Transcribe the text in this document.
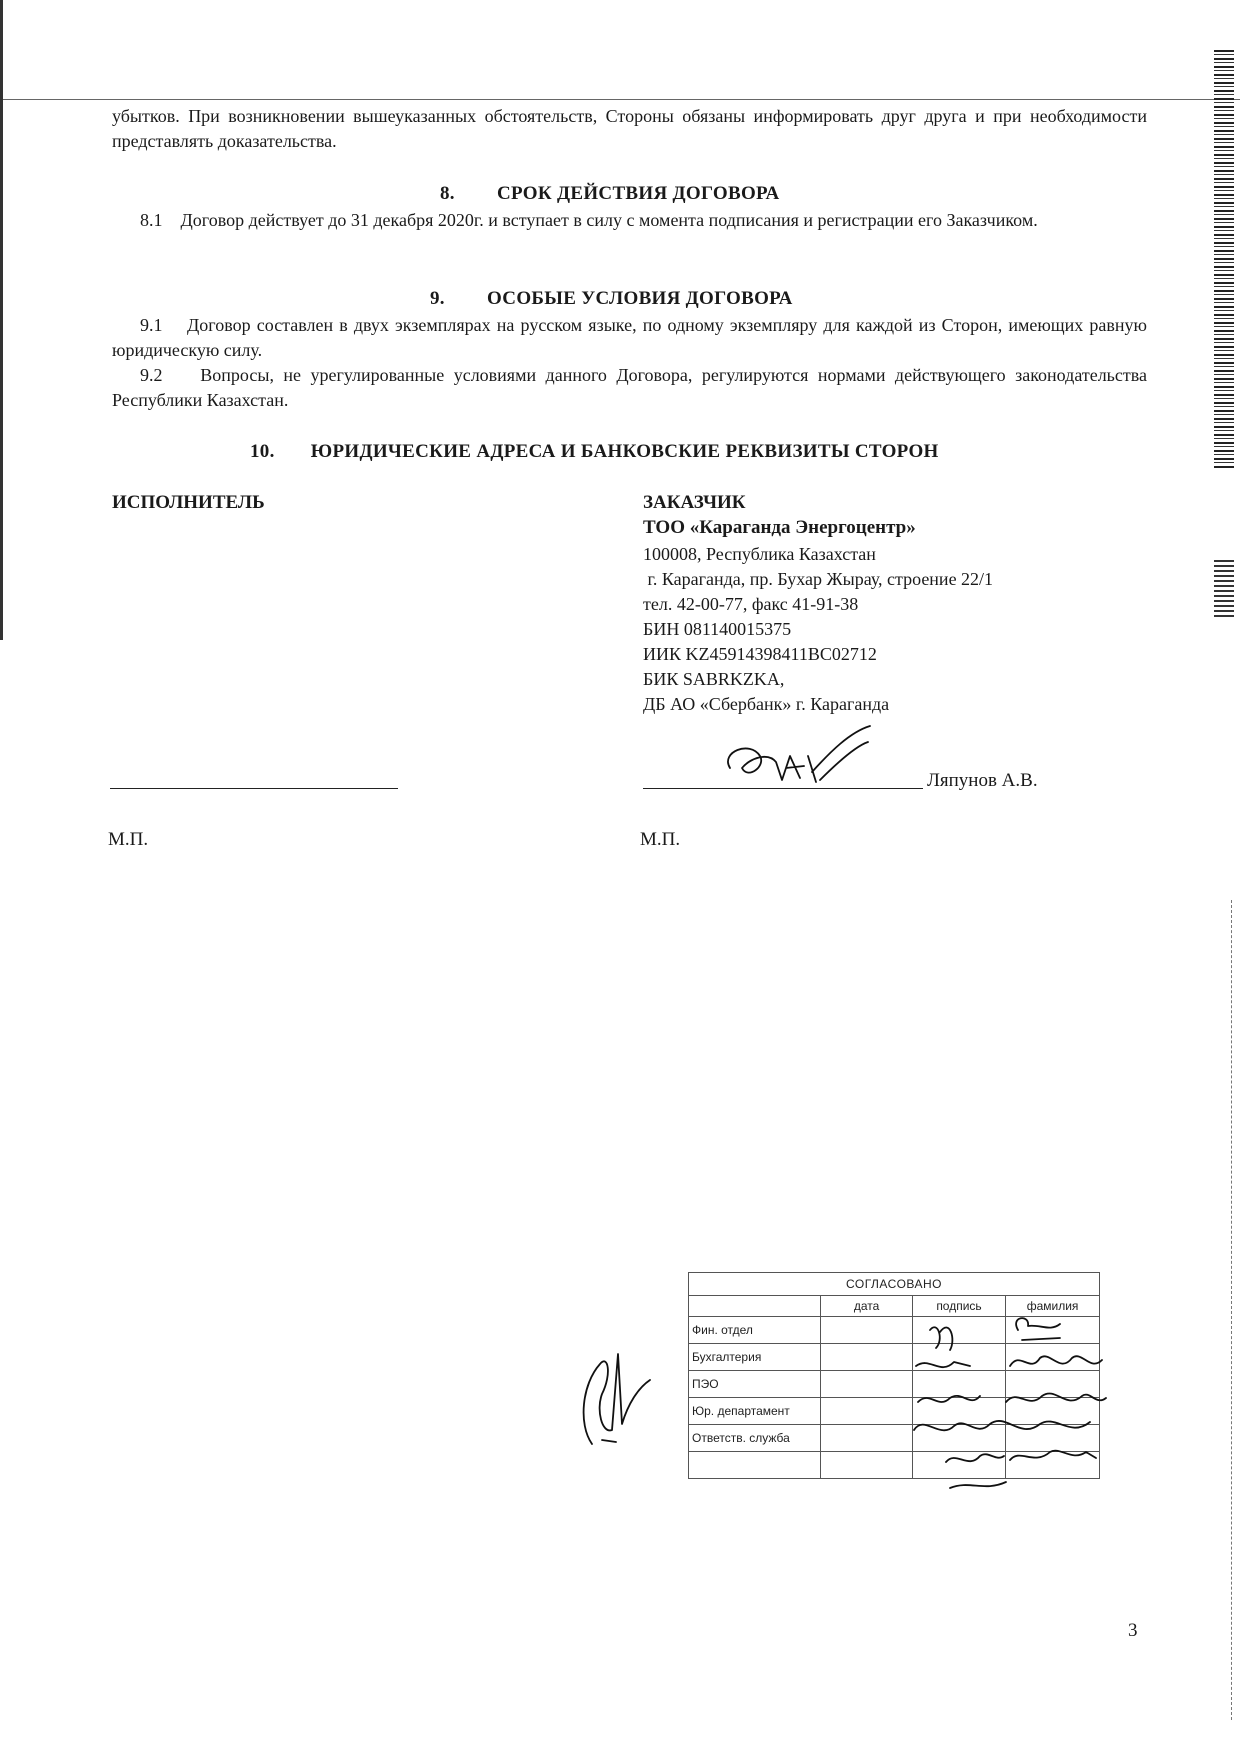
убытков. При возникновении вышеуказанных обстоятельств, Стороны обязаны информировать друг друга и при необходимости представлять доказательства.
8. СРОК ДЕЙСТВИЯ ДОГОВОРА
8.1 Договор действует до 31 декабря 2020г. и вступает в силу с момента подписания и регистрации его Заказчиком.
9. ОСОБЫЕ УСЛОВИЯ ДОГОВОРА
9.1 Договор составлен в двух экземплярах на русском языке, по одному экземпляру для каждой из Сторон, имеющих равную юридическую силу.
9.2 Вопросы, не урегулированные условиями данного Договора, регулируются нормами действующего законодательства Республики Казахстан.
10. ЮРИДИЧЕСКИЕ АДРЕСА И БАНКОВСКИЕ РЕКВИЗИТЫ СТОРОН
ИСПОЛНИТЕЛЬ
М.П.
ЗАКАЗЧИК
ТОО «Караганда Энергоцентр»
100008, Республика Казахстан
г. Караганда, пр. Бухар Жырау, строение 22/1
тел. 42-00-77, факс 41-91-38
БИН 081140015375
ИИК KZ45914398411BC02712
БИК SABRKZKA,
ДБ АО «Сбербанк» г. Караганда
Ляпунов А.В.
М.П.
СОГЛАСОВАНО			
	дата	подпись	фамилия
Фин. отдел			
Бухгалтерия			
ПЭО			
Юр. департамент			
Ответств. служба			

3
